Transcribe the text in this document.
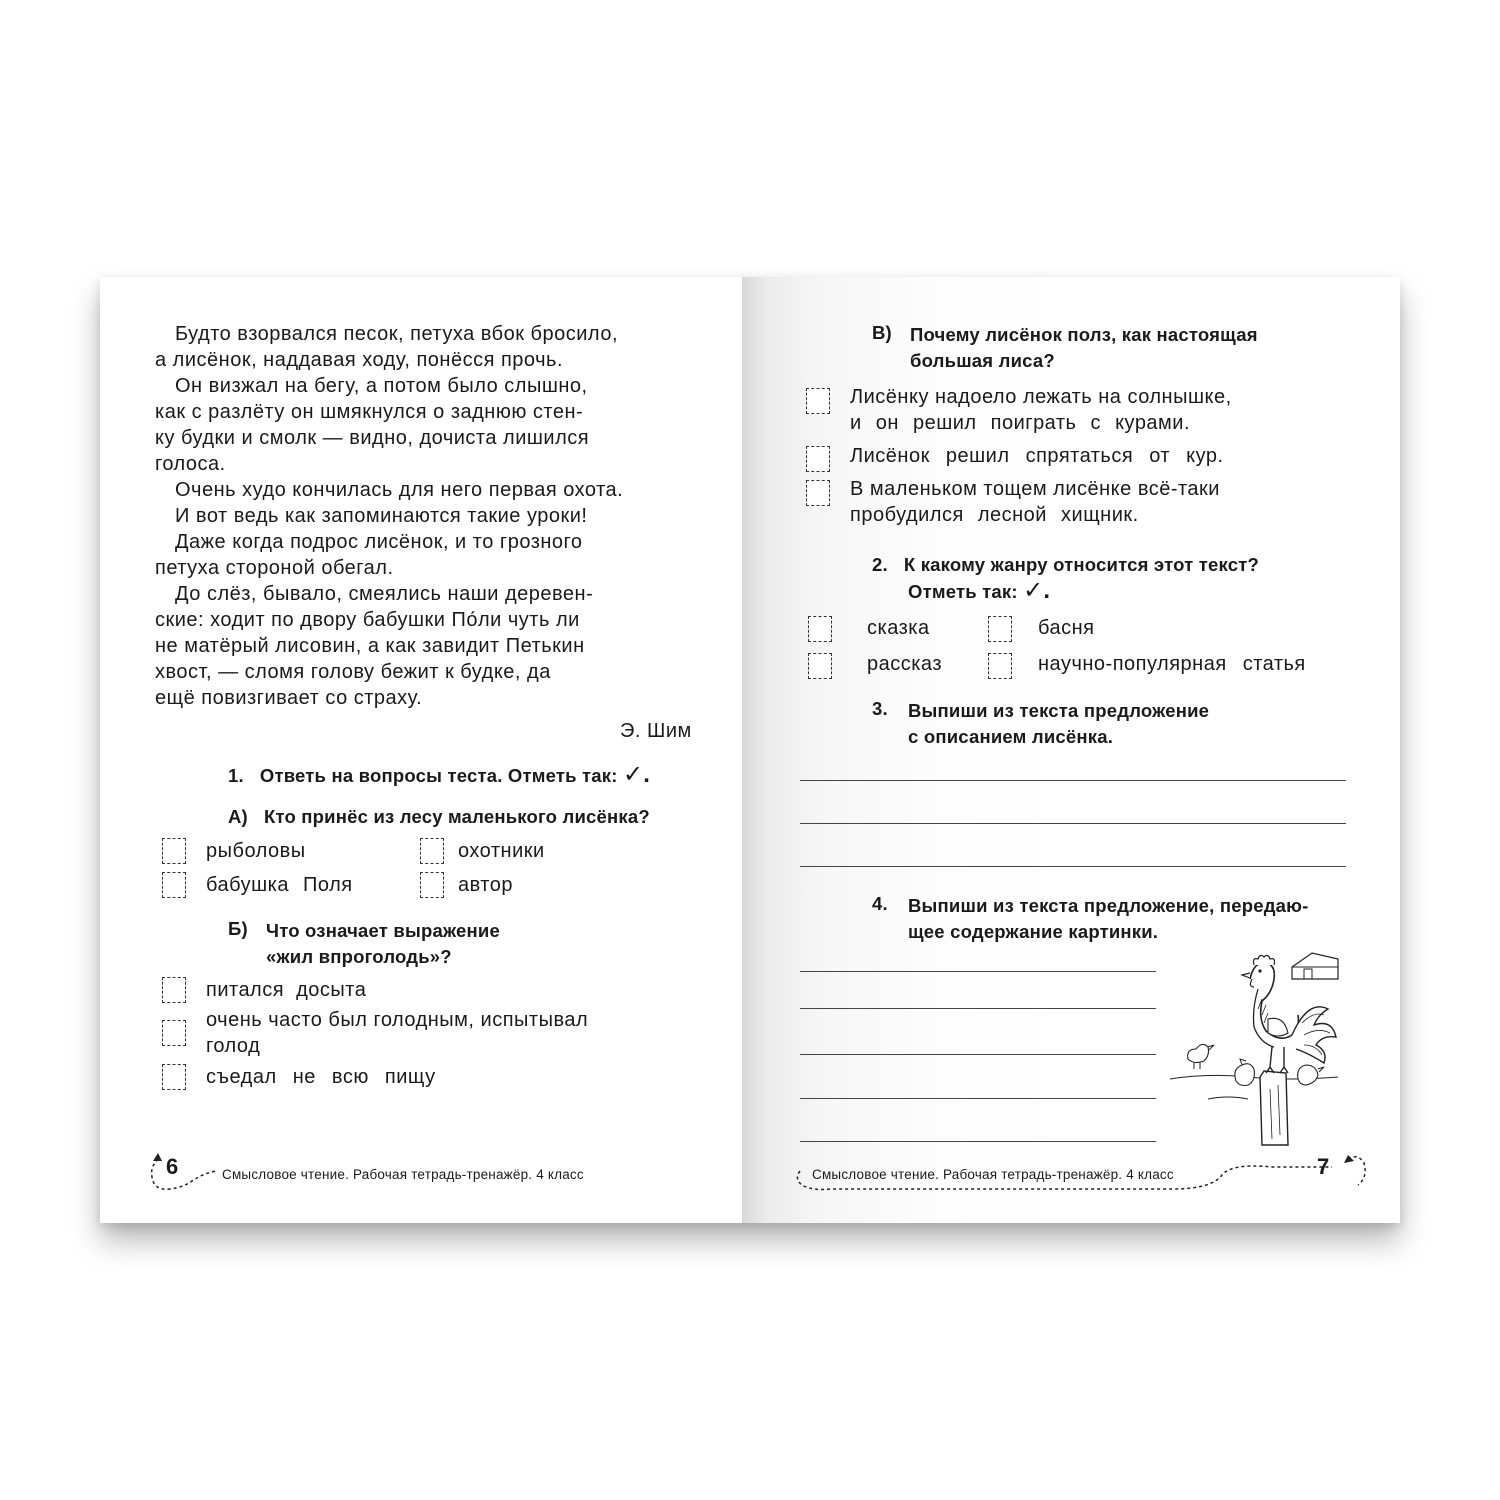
Будто взорвался песок, петуха вбок бросило,
а лисёнок, наддавая ходу, понёсся прочь.
Он визжал на бегу, а потом было слышно,
как с разлёту он шмякнулся о заднюю стен-
ку будки и смолк — видно, дочиста лишился
голоса.
Очень худо кончилась для него первая охота.
И вот ведь как запоминаются такие уроки!
Даже когда подрос лисёнок, и то грозного
петуха стороной обегал.
До слёз, бывало, смеялись наши деревен-
ские: ходит по двору бабушки По́ли чуть ли
не матёрый лисовин, а как завидит Петькин
хвост, — сломя голову бежит к будке, да
ещё повизгивает со страху.
Э. Шим
1. Ответь на вопросы теста. Отметь так: ✓.
А) Кто принёс из лесу маленького лисёнка?
рыболовы	охотники
бабушка Поля	автор
Б) Что означает выражение
«жил впроголодь»?
питался досыта
очень часто был голодным, испытывал
голод
съедал не всю пищу
6	Смысловое чтение. Рабочая тетрадь-тренажёр. 4 класс
В) Почему лисёнок полз, как настоящая
большая лиса?
Лисёнку надоело лежать на солнышке,
и он решил поиграть с курами.
Лисёнок решил спрятаться от кур.
В маленьком тощем лисёнке всё-таки
пробудился лесной хищник.
2. К какому жанру относится этот текст?
Отметь так: ✓.
сказка	басня
рассказ	научно-популярная статья
3. Выпиши из текста предложение
с описанием лисёнка.
4. Выпиши из текста предложение, передаю-
щее содержание картинки.
7
Смысловое чтение. Рабочая тетрадь-тренажёр. 4 класс
